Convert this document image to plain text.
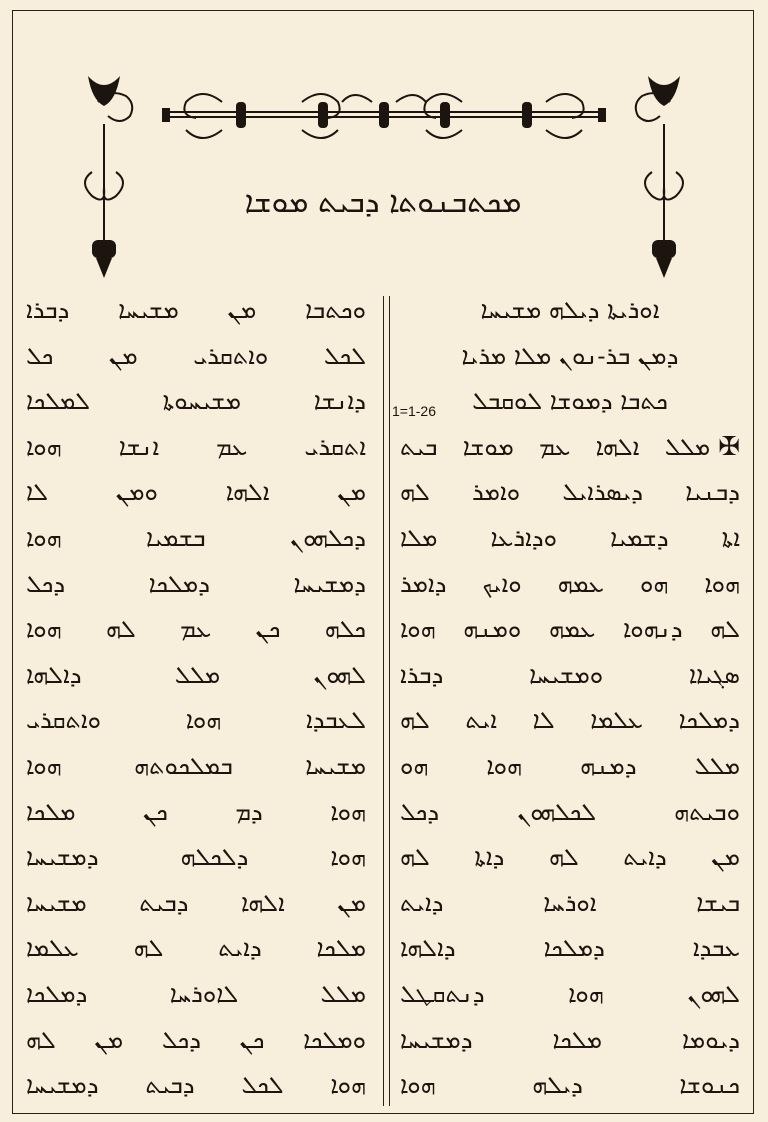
ܡܟܬܒܢܘܬܐ ܕܒܝܬ ܡܘܫܐ
ܐܘܪܝܬܐ ܕܝܠܗ ܡܫܝܚܐ
ܕܡܢ ܒܪ-ܢܘܢ ܡܠܐ ܡܪܝܐ
ܟܬܒܐ ܕܡܘܫܐ ܠܘܩܒܠ
1=1-26
✠ܡܠܠ ܐܠܗܐ ܥܡ ܡܘܫܐ ܒܝܬ
ܕܒܢܝܐ ܕܝܣܪܐܝܠ ܘܐܡܪ ܠܗ
ܐܬܐ ܕܫܡܝܐ ܘܕܐܪܥܐ ܡܠܐ
ܗܘܐ ܗܘ ܥܡܗ ܘܐܝܟ ܕܐܡܪ
ܠܗ ܕܢܗܘܐ ܥܡܗ ܘܡܢܗ ܗܘܐ
ܣܓܝܐܐ ܘܡܫܝܚܐ ܕܒܪܐ
ܕܡܠܟܐ ܥܠܡܐ ܠܐ ܐܝܬ ܠܗ
ܡܠܠ ܕܡܢܗ ܗܘܐ ܗܘ
ܘܒܝܬܗ ܠܟܠܗܘܢ ܕܟܠ
ܡܢ ܕܐܝܬ ܠܗ ܕܐܬܐ ܠܗ
ܒܝܫܐ ܐܘܪܚܐ ܕܐܝܬ
ܥܒܕܐ ܕܡܠܟܐ ܕܐܠܗܐ
ܠܗܘܢ ܗܘܐ ܕܢܬܩܛܠ
ܕܝܘܡܐ ܡܠܟܐ ܕܡܫܝܚܐ
ܟܢܘܫܐ ܕܝܠܗ ܗܘܐ
ܘܟܬܒܐ ܡܢ ܡܫܝܚܐ ܕܒܪܐ
ܠܟܠ ܘܐܬܩܪܝ ܡܢ ܟܠ
ܕܐܢܫܐ ܡܫܝܚܘܬܐ ܠܡܠܟܐ
ܐܬܩܪܝ ܥܡ ܐܢܫܐ ܗܘܐ
ܡܢ ܐܠܗܐ ܘܡܢ ܠܐ
ܕܟܠܗܘܢ ܒܫܡܝܐ ܗܘܐ
ܕܡܫܝܚܐ ܕܡܠܟܐ ܕܟܠ
ܟܠܗ ܟܢ ܥܡ ܠܗ ܗܘܐ
ܠܗܘܢ ܡܠܠ ܕܐܠܗܐ
ܠܥܒܕܐ ܗܘܐ ܘܐܬܩܪܝ
ܡܫܝܚܐ ܒܡܠܟܘܬܗ ܗܘܐ
ܗܘܐ ܕܡ ܟܢ ܡܠܟܐ
ܗܘܐ ܕܠܟܠܗ ܕܡܫܝܚܐ
ܡܢ ܐܠܗܐ ܕܒܝܬ ܡܫܝܚܐ
ܡܠܟܐ ܕܐܝܬ ܠܗ ܥܠܡܐ
ܡܠܠ ܠܐܘܪܚܐ ܕܡܠܟܐ
ܘܡܠܟܐ ܟܢ ܕܟܠ ܡܢ ܠܗ
ܗܘܐ ܠܟܠ ܕܒܝܬ ܕܡܫܝܚܐ
